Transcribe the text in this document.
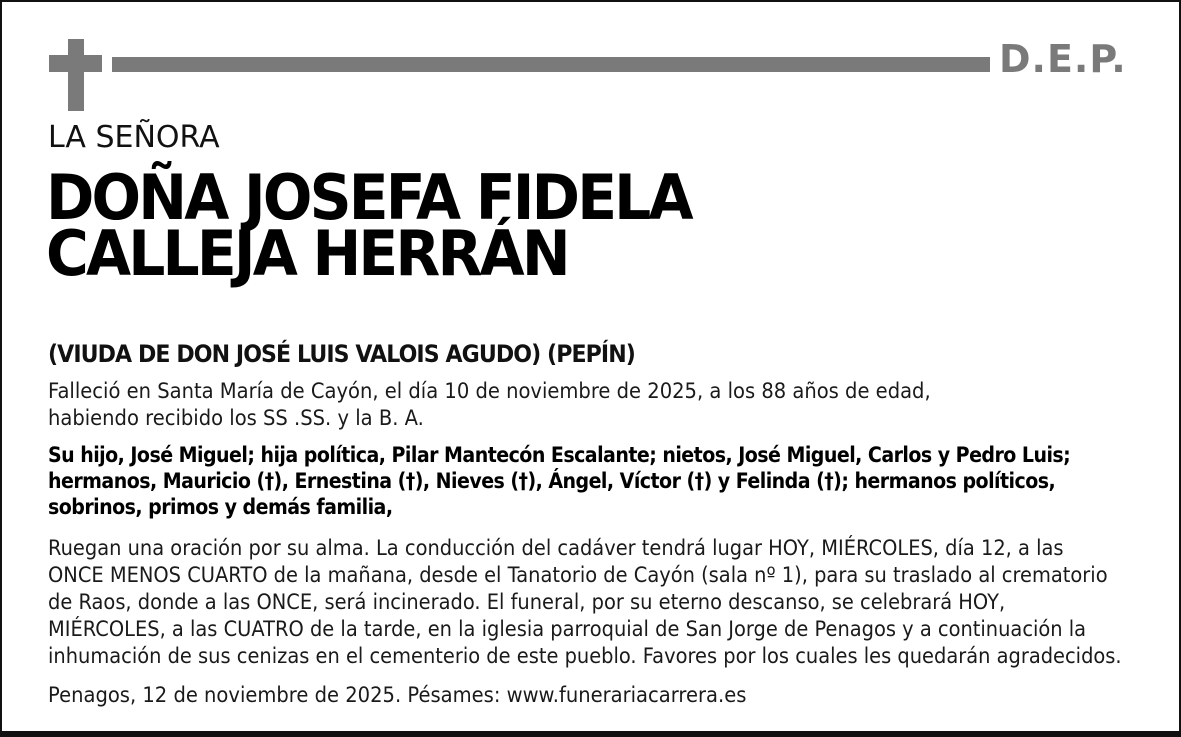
D.E.P.
LA SEÑORA
DOÑA JOSEFA FIDELA
CALLEJA HERRÁN
(VIUDA DE DON JOSÉ LUIS VALOIS AGUDO) (PEPÍN)
Falleció en Santa María de Cayón, el día 10 de noviembre de 2025, a los 88 años de edad,
habiendo recibido los SS .SS. y la B. A.
Su hijo, José Miguel; hija política, Pilar Mantecón Escalante; nietos, José Miguel, Carlos y Pedro Luis;
hermanos, Mauricio (†), Ernestina (†), Nieves (†), Ángel, Víctor (†) y Felinda (†); hermanos políticos,
sobrinos, primos y demás familia,
Ruegan una oración por su alma. La conducción del cadáver tendrá lugar HOY, MIÉRCOLES, día 12, a las
ONCE MENOS CUARTO de la mañana, desde el Tanatorio de Cayón (sala nº 1), para su traslado al crematorio
de Raos, donde a las ONCE, será incinerado. El funeral, por su eterno descanso, se celebrará HOY,
MIÉRCOLES, a las CUATRO de la tarde, en la iglesia parroquial de San Jorge de Penagos y a continuación la
inhumación de sus cenizas en el cementerio de este pueblo. Favores por los cuales les quedarán agradecidos.
Penagos, 12 de noviembre de 2025. Pésames: www.funerariacarrera.es
